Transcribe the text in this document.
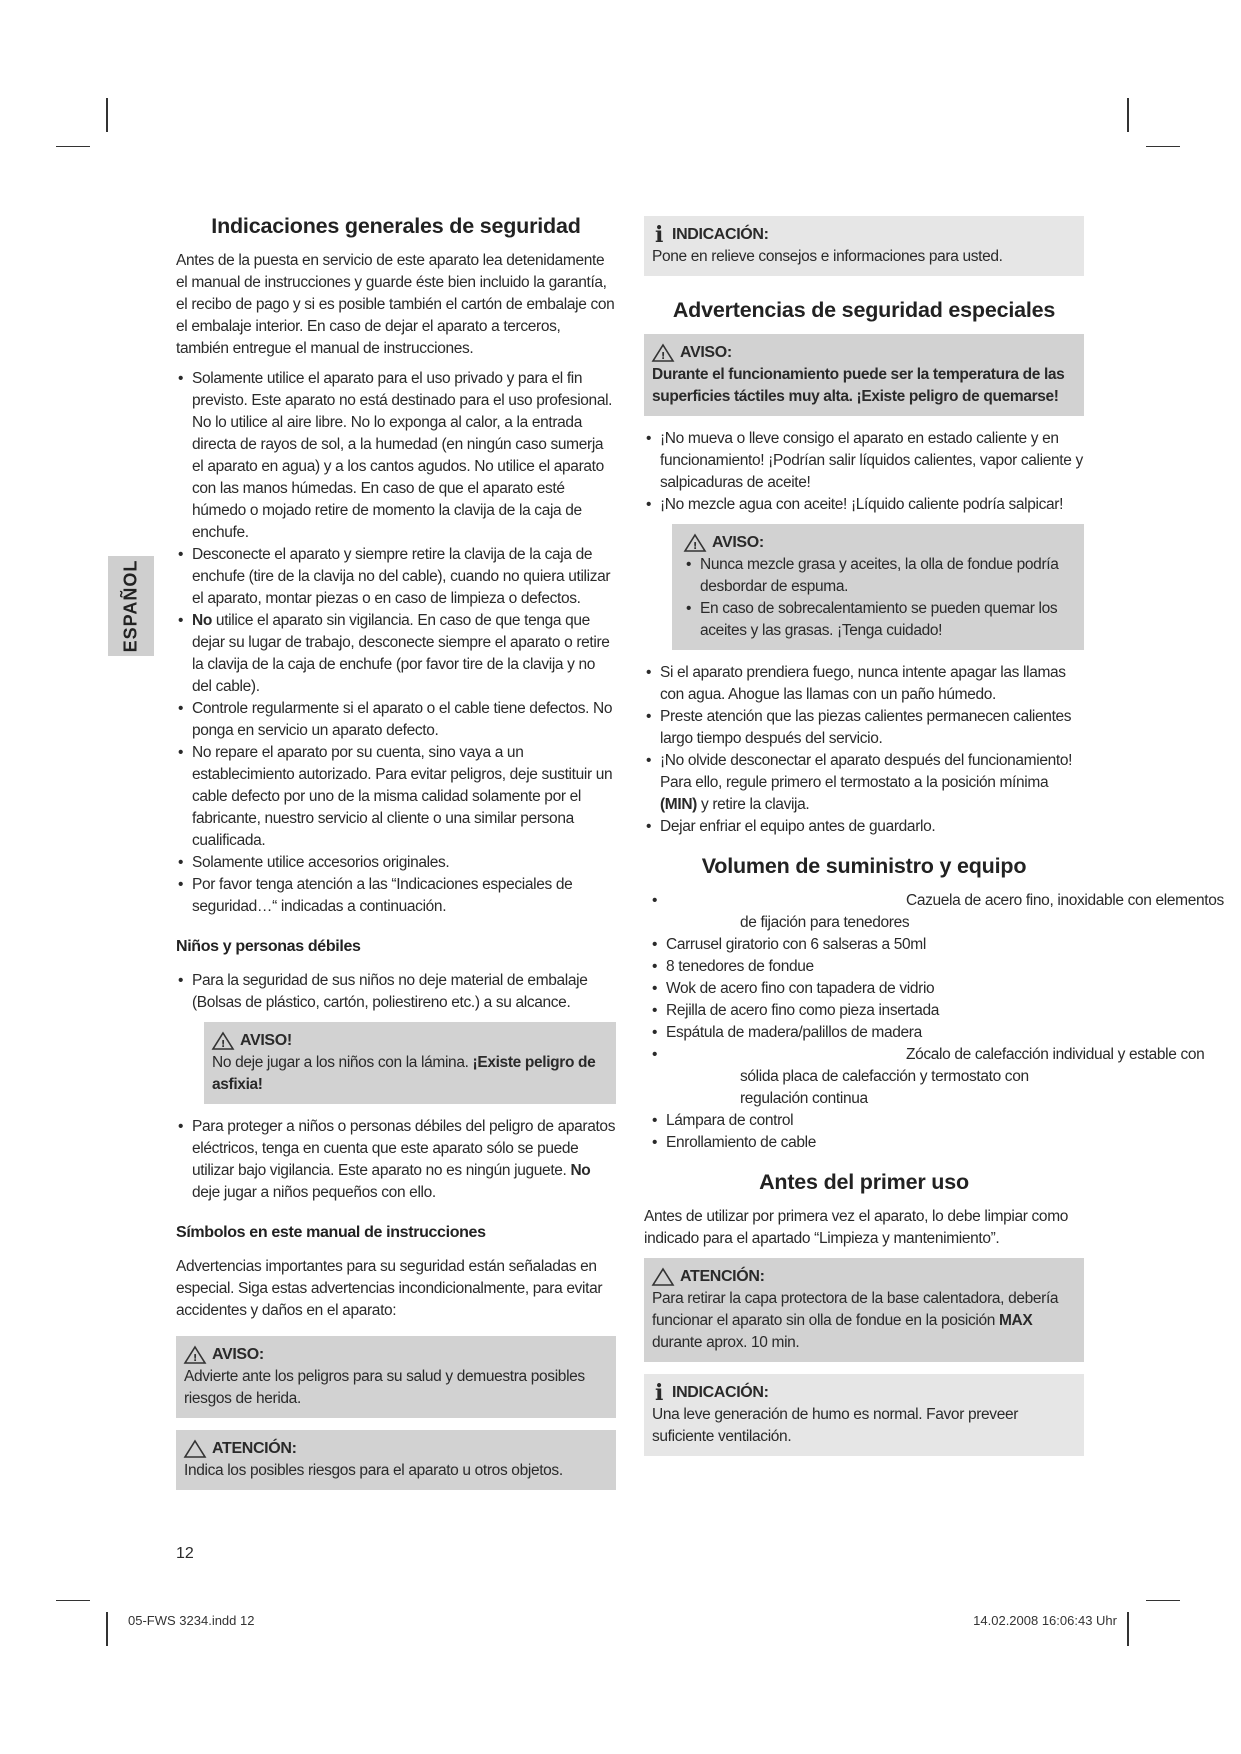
ESPAÑOL
Indicaciones generales de seguridad

Antes de la puesta en servicio de este aparato lea detenidamente el manual de instrucciones y guarde éste bien incluido la garantía, el recibo de pago y si es posible también el cartón de embalaje con el embalaje interior. En caso de dejar el aparato a terceros, también entregue el manual de instrucciones.

• Solamente utilice el aparato para el uso privado y para el fin previsto. Este aparato no está destinado para el uso profesional. No lo utilice al aire libre. No lo exponga al calor, a la entrada directa de rayos de sol, a la humedad (en ningún caso sumerja el aparato en agua) y a los cantos agudos. No utilice el aparato con las manos húmedas. En caso de que el aparato esté húmedo o mojado retire de momento la clavija de la caja de enchufe.
• Desconecte el aparato y siempre retire la clavija de la caja de enchufe (tire de la clavija no del cable), cuando no quiera utilizar el aparato, montar piezas o en caso de limpieza o defectos.
• No utilice el aparato sin vigilancia. En caso de que tenga que dejar su lugar de trabajo, desconecte siempre el aparato o retire la clavija de la caja de enchufe (por favor tire de la clavija y no del cable).
• Controle regularmente si el aparato o el cable tiene defectos. No ponga en servicio un aparato defecto.
• No repare el aparato por su cuenta, sino vaya a un establecimiento autorizado. Para evitar peligros, deje sustituir un cable defecto por uno de la misma calidad solamente por el fabricante, nuestro servicio al cliente o una similar persona cualificada.
• Solamente utilice accesorios originales.
• Por favor tenga atención a las “Indicaciones especiales de seguridad…“ indicadas a continuación.
Niños y personas débiles
• Para la seguridad de sus niños no deje material de embalaje (Bolsas de plástico, cartón, poliestireno etc.) a su alcance.
! AVISO!
No deje jugar a los niños con la lámina. ¡Existe peligro de asfixia!
• Para proteger a niños o personas débiles del peligro de aparatos eléctricos, tenga en cuenta que este aparato sólo se puede utilizar bajo vigilancia. Este aparato no es ningún juguete. No deje jugar a niños pequeños con ello.
Símbolos en este manual de instrucciones

Advertencias importantes para su seguridad están señaladas en especial. Siga estas advertencias incondicionalmente, para evitar accidentes y daños en el aparato:

! AVISO:
Advierte ante los peligros para su salud y demuestra posibles riesgos de herida.
ATENCIÓN:
Indica los posibles riesgos para el aparato u otros objetos.
i INDICACIÓN:
Pone en relieve consejos e informaciones para usted.
Advertencias de seguridad especiales
! AVISO:
Durante el funcionamiento puede ser la temperatura de las superficies táctiles muy alta. ¡Existe peligro de quemarse!
• ¡No mueva o lleve consigo el aparato en estado caliente y en funcionamiento! ¡Podrían salir líquidos calientes, vapor caliente y salpicaduras de aceite!
• ¡No mezcle agua con aceite! ¡Líquido caliente podría salpicar!
! AVISO:
• Nunca mezcle grasa y aceites, la olla de fondue podría desbordar de espuma.
• En caso de sobrecalentamiento se pueden quemar los aceites y las grasas. ¡Tenga cuidado!
• Si el aparato prendiera fuego, nunca intente apagar las llamas con agua. Ahogue las llamas con un paño húmedo.
• Preste atención que las piezas calientes permanecen calientes largo tiempo después del servicio.
• ¡No olvide desconectar el aparato después del funcionamiento! Para ello, regule primero el termostato a la posición mínima (MIN) y retire la clavija.
• Dejar enfriar el equipo antes de guardarlo.
Volumen de suministro y equipo
• Cazuela de acero fino, inoxidable con elementos
de fijación para tenedores
• Carrusel giratorio con 6 salseras a 50ml
• 8 tenedores de fondue
• Wok de acero fino con tapadera de vidrio
• Rejilla de acero fino como pieza insertada
• Espátula de madera/palillos de madera
• Zócalo de calefacción individual y estable con
sólida placa de calefacción y termostato con
regulación continua
• Lámpara de control
• Enrollamiento de cable
Antes del primer uso

Antes de utilizar por primera vez el aparato, lo debe limpiar como indicado para el apartado “Limpieza y mantenimiento”.

ATENCIÓN:
Para retirar la capa protectora de la base calentadora, debería funcionar el aparato sin olla de fondue en la posición MAX durante aprox. 10 min.
i INDICACIÓN:
Una leve generación de humo es normal. Favor preveer suficiente ventilación.
12
05-FWS 3234.indd 12	14.02.2008 16:06:43 Uhr
